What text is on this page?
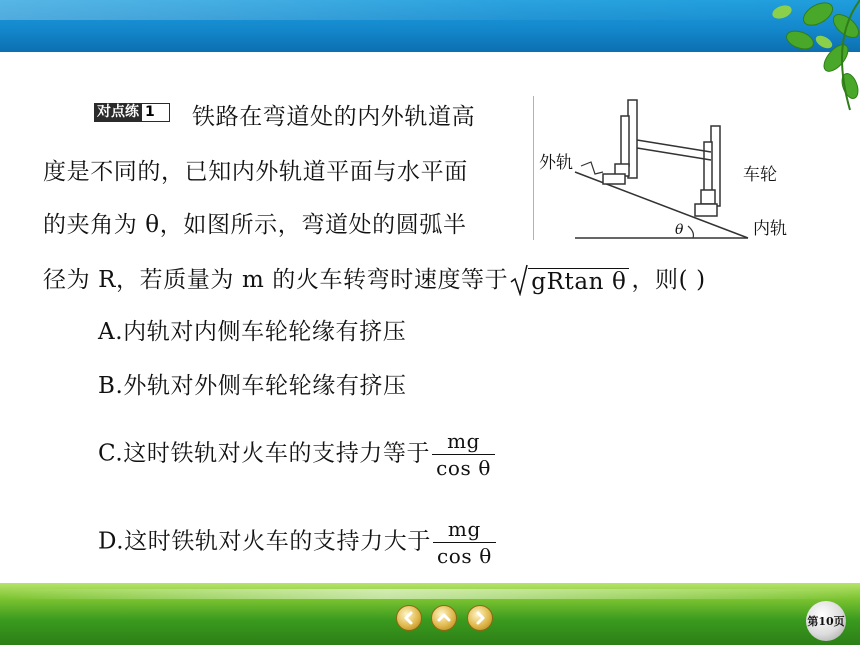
对点练 1	铁路在弯道处的内外轨道高
度是不同的，已知内外轨道平面与水平面
的夹角为 θ，如图所示，弯道处的圆弧半
径为 R，若质量为 m 的火车转弯时速度等于 gRtan θ ，则( )
外轨
车轮
内轨
θ
A.内轨对内侧车轮轮缘有挤压
B.外轨对外侧车轮轮缘有挤压
C.这时铁轨对火车的支持力等于 $\frac{mg}{\text{cos θ}}$
D.这时铁轨对火车的支持力大于 $\frac{mg}{\text{cos θ}}$
第10页
